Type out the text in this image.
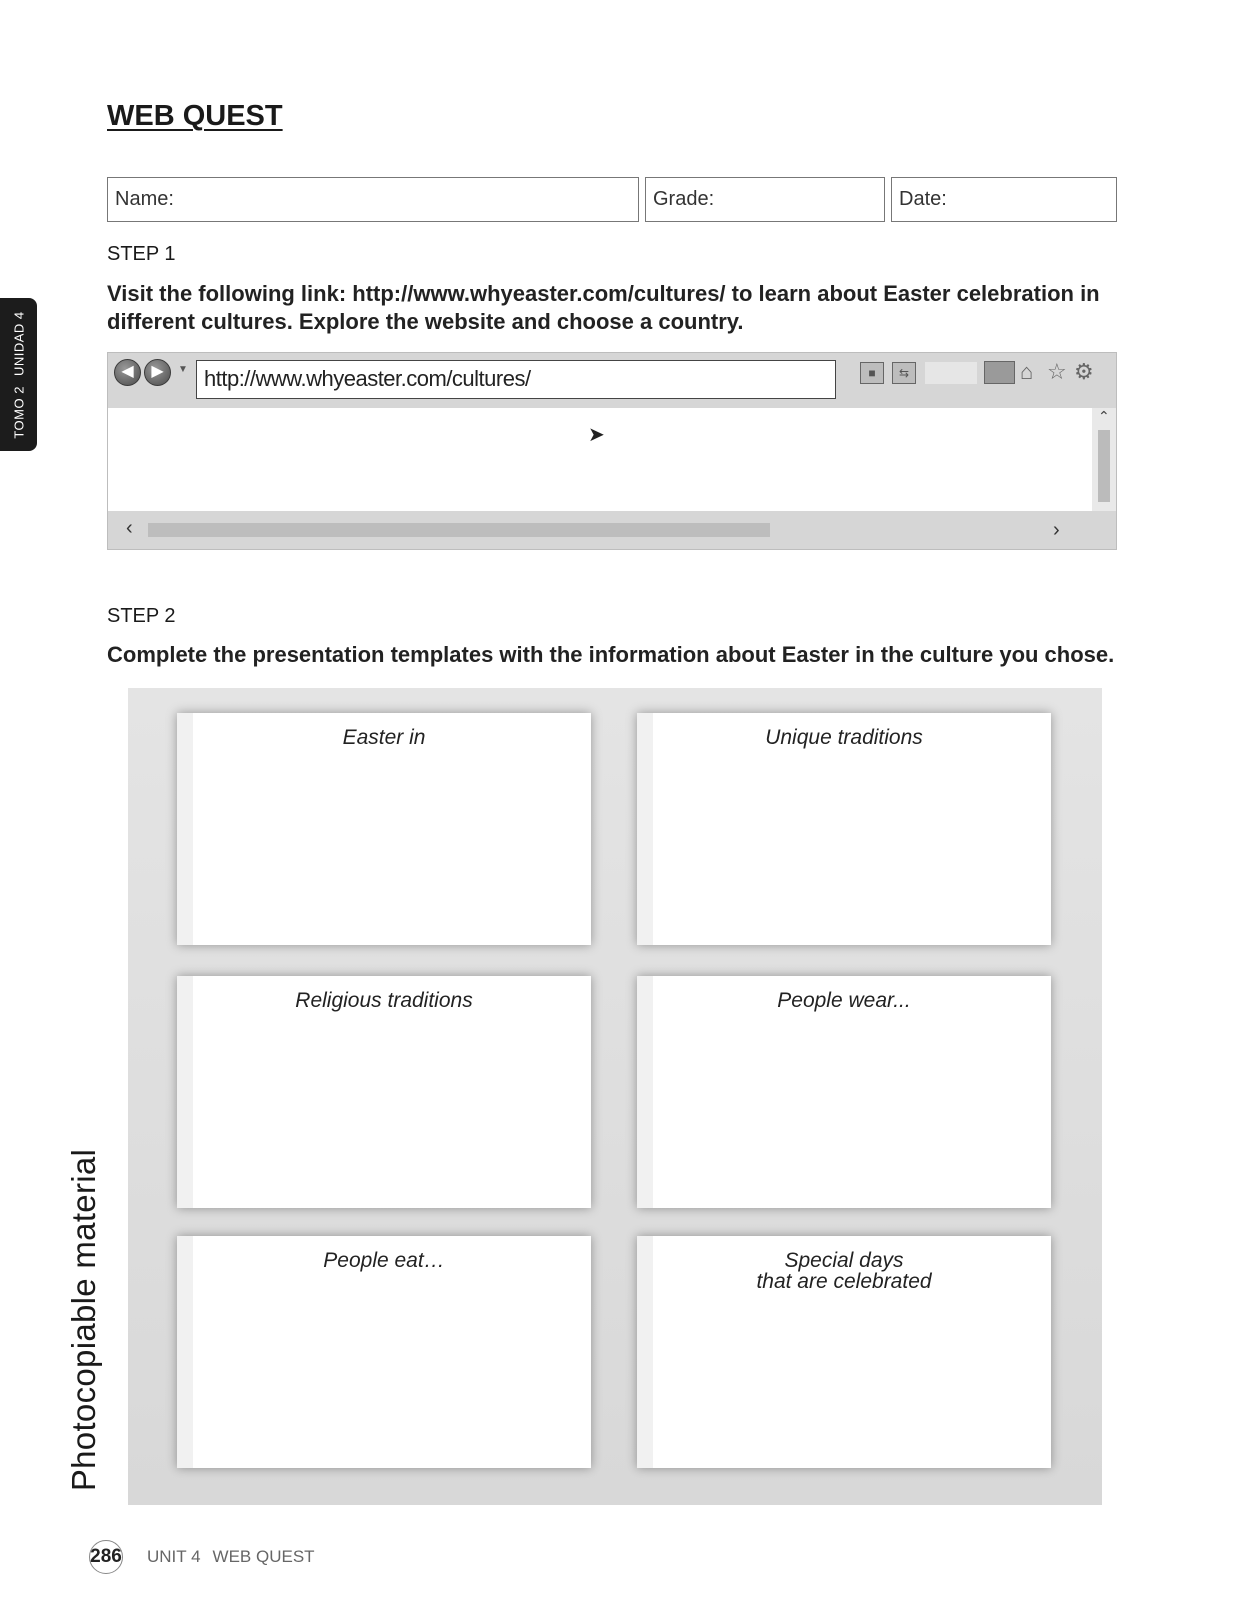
TOMO 2UNIDAD 4
Photocopiable material
WEB QUEST
Name:	Grade:	Date:
STEP 1
Visit the following link: http://www.whyeaster.com/cultures/ to learn about Easter celebration in different cultures. Explore the website and choose a country.
◀	▶	▼ http://www.whyeaster.com/cultures/	■	⇆	⌂ ☆ ⚙
➤
⌃
‹	›
STEP 2
Complete the presentation templates with the information about Easter in the culture you chose.
Easter in	Unique traditions
Religious traditions	People wear...
People eat…	Special days
that are celebrated
286 UNIT 4 WEB QUEST
